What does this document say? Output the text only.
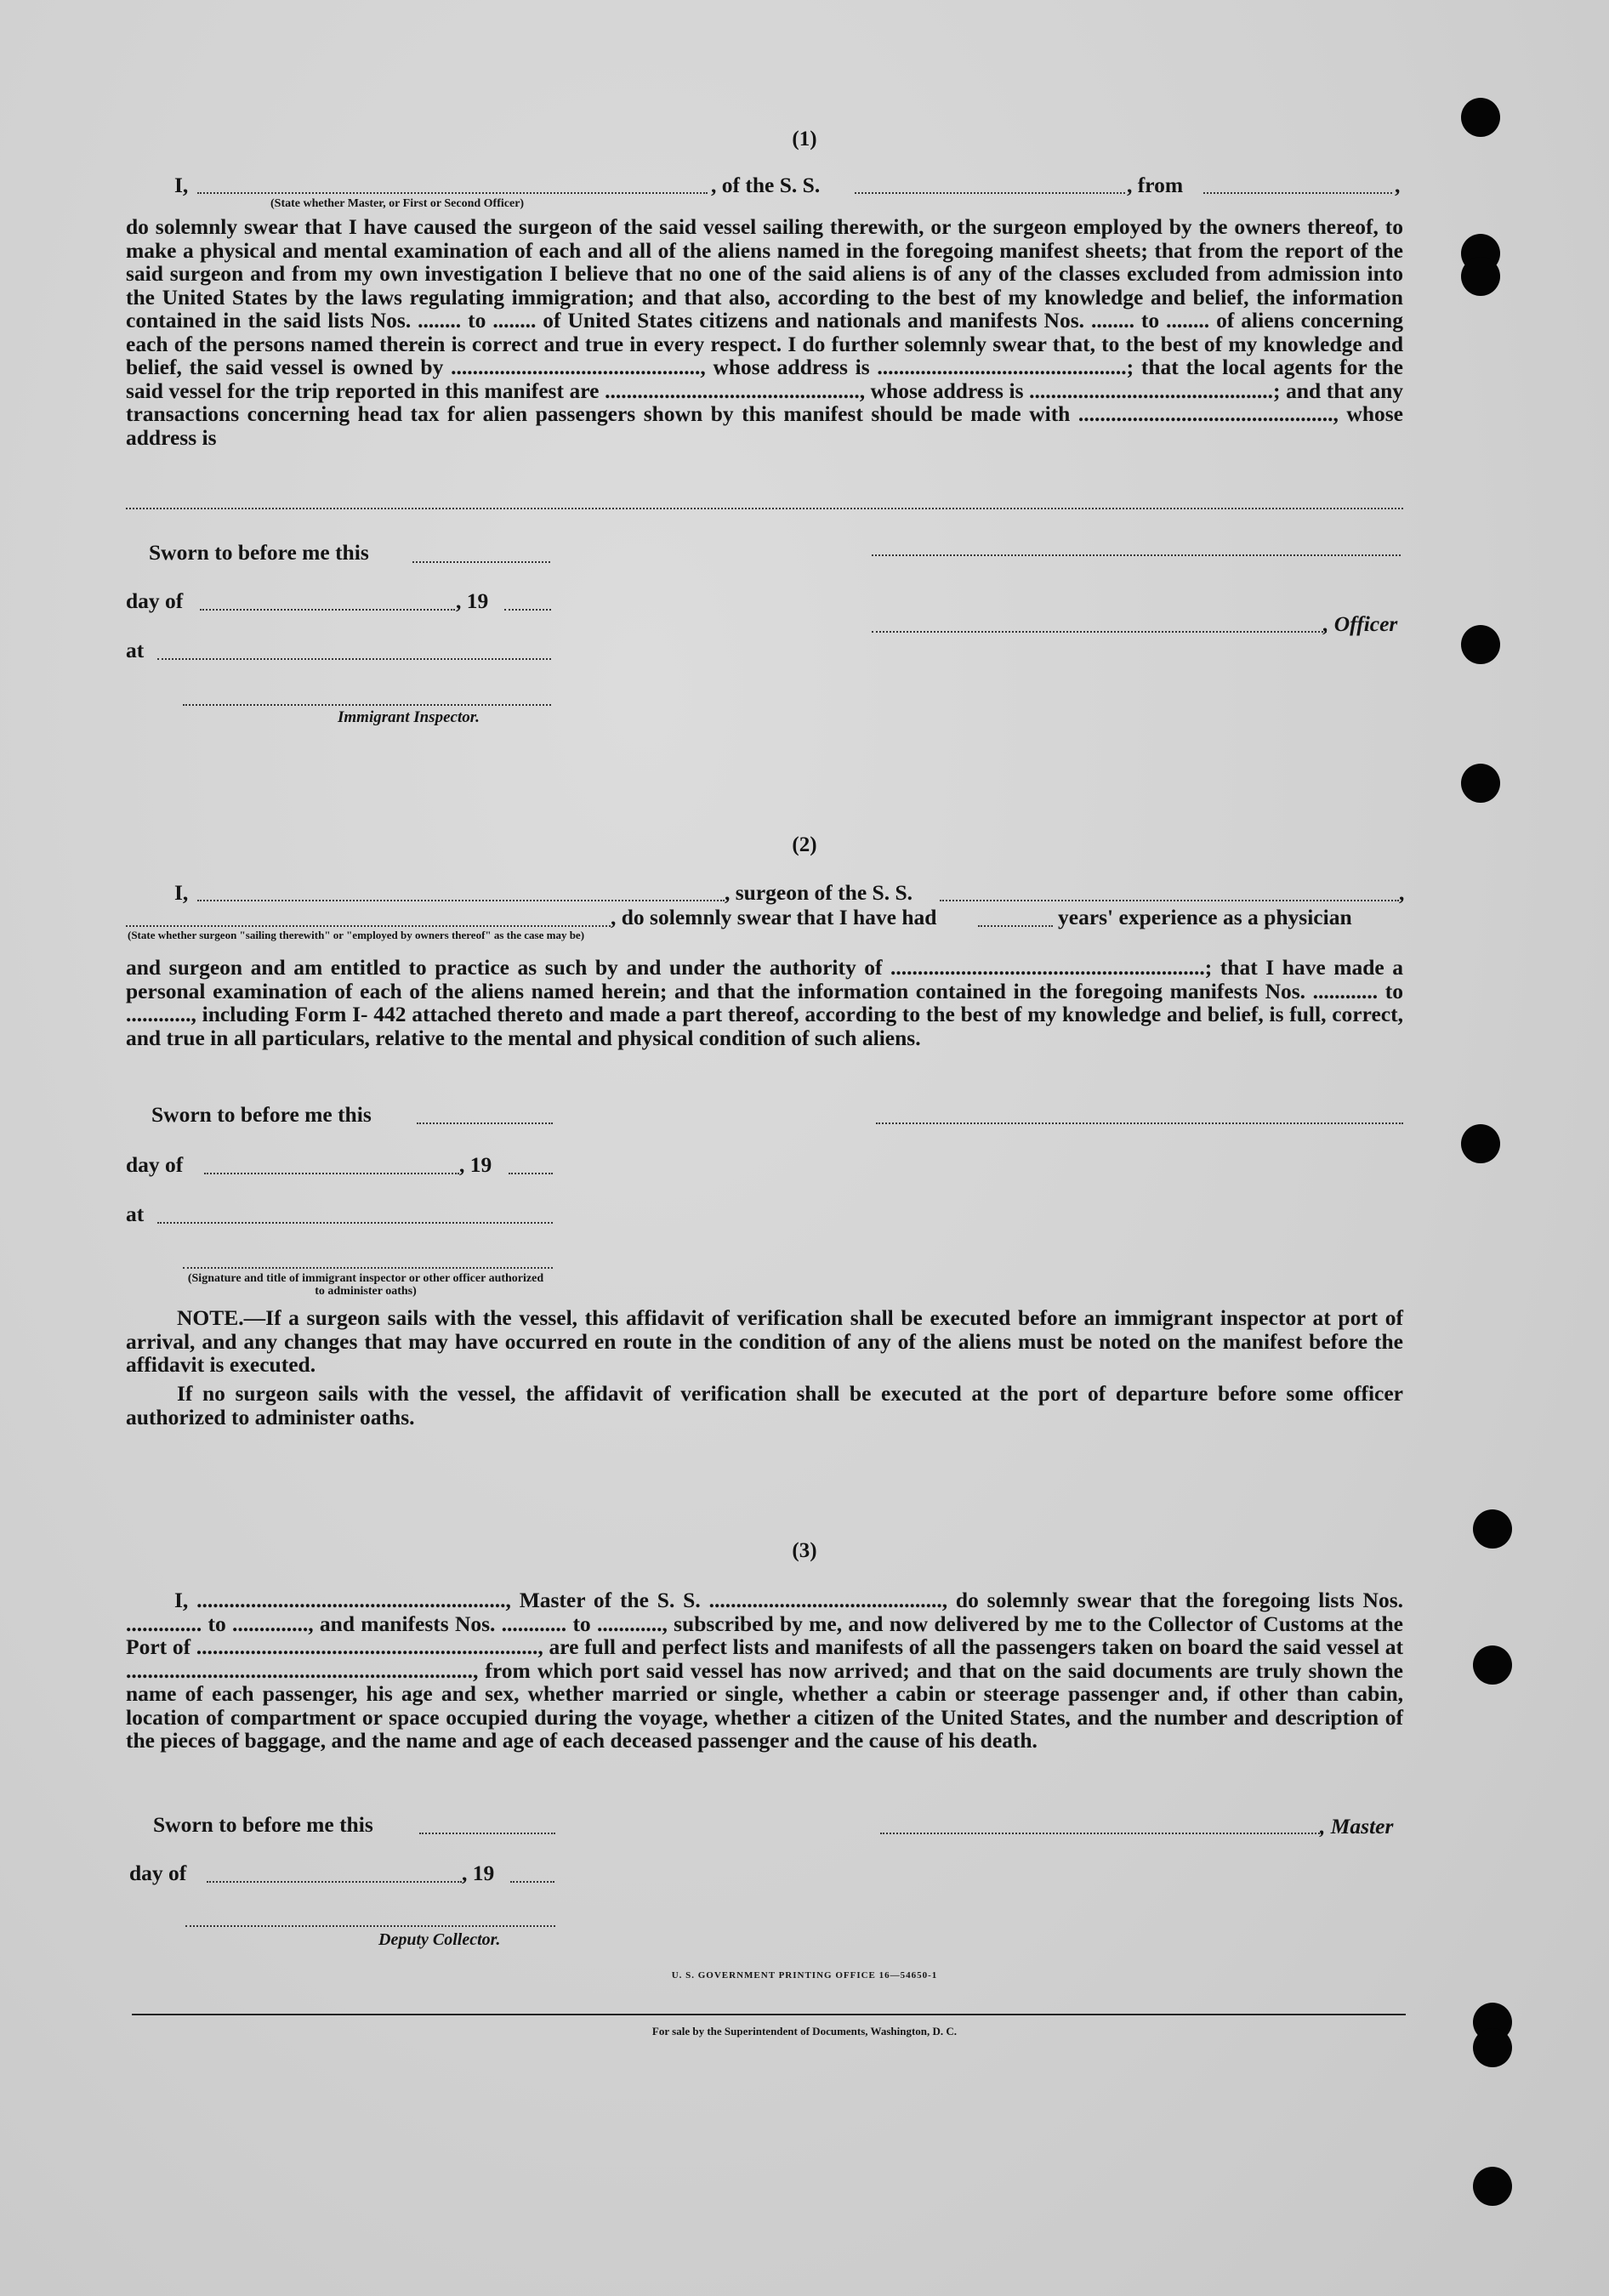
(1)
I,
(State whether Master, or First or Second Officer)
, of the S. S.	, from	,

do solemnly swear that I have caused the surgeon of the said vessel sailing therewith, or the surgeon employed by the owners thereof, to make a physical and mental examination of each and all of the aliens named in the foregoing manifest sheets; that from the report of the said surgeon and from my own investigation I believe that no one of the said aliens is of any of the classes excluded from admission into the United States by the laws regulating immigration; and that also, according to the best of my knowledge and belief, the information contained in the said lists Nos. ........ to ........ of United States citizens and nationals and manifests Nos. ........ to ........ of aliens concerning each of the persons named therein is correct and true in every respect. I do further solemnly swear that, to the best of my knowledge and belief, the said vessel is owned by .............................................., whose address is ..............................................; that the local agents for the said vessel for the trip reported in this manifest are ..............................................., whose address is .............................................; and that any transactions concerning head tax for alien passengers shown by this manifest should be made with ..............................................., whose address is

Sworn to before me this
day of	, 19
, Officer
at
Immigrant Inspector.
(2)
I,	, surgeon of the S. S.	,
, do solemnly swear that I have had	years' experience as a physician
(State whether surgeon "sailing therewith" or "employed by owners thereof" as the case may be)

and surgeon and am entitled to practice as such by and under the authority of ..........................................................; that I have made a personal examination of each of the aliens named herein; and that the information contained in the foregoing manifests Nos. ............ to ............, including Form I- 442 attached thereto and made a part thereof, according to the best of my knowledge and belief, is full, correct, and true in all particulars, relative to the mental and physical condition of such aliens.

Sworn to before me this
day of	, 19
at
(Signature and title of immigrant inspector or other officer authorized to administer oaths)

NOTE.—If a surgeon sails with the vessel, this affidavit of verification shall be executed before an immigrant inspector at port of arrival, and any changes that may have occurred en route in the condition of any of the aliens must be noted on the manifest before the affidavit is executed.

If no surgeon sails with the vessel, the affidavit of verification shall be executed at the port of departure before some officer authorized to administer oaths.

(3)

I, ........................................................., Master of the S. S. ..........................................., do solemnly swear that the foregoing lists Nos. .............. to .............., and manifests Nos. ............ to ............, subscribed by me, and now delivered by me to the Collector of Customs at the Port of ..............................................................., are full and perfect lists and manifests of all the passengers taken on board the said vessel at ................................................................, from which port said vessel has now arrived; and that on the said documents are truly shown the name of each passenger, his age and sex, whether married or single, whether a cabin or steerage passenger and, if other than cabin, location of compartment or space occupied during the voyage, whether a citizen of the United States, and the number and description of the pieces of baggage, and the name and age of each deceased passenger and the cause of his death.

Sworn to before me this	, Master
day of	, 19
Deputy Collector.
U. S. GOVERNMENT PRINTING OFFICE 16—54650-1
For sale by the Superintendent of Documents, Washington, D. C.
